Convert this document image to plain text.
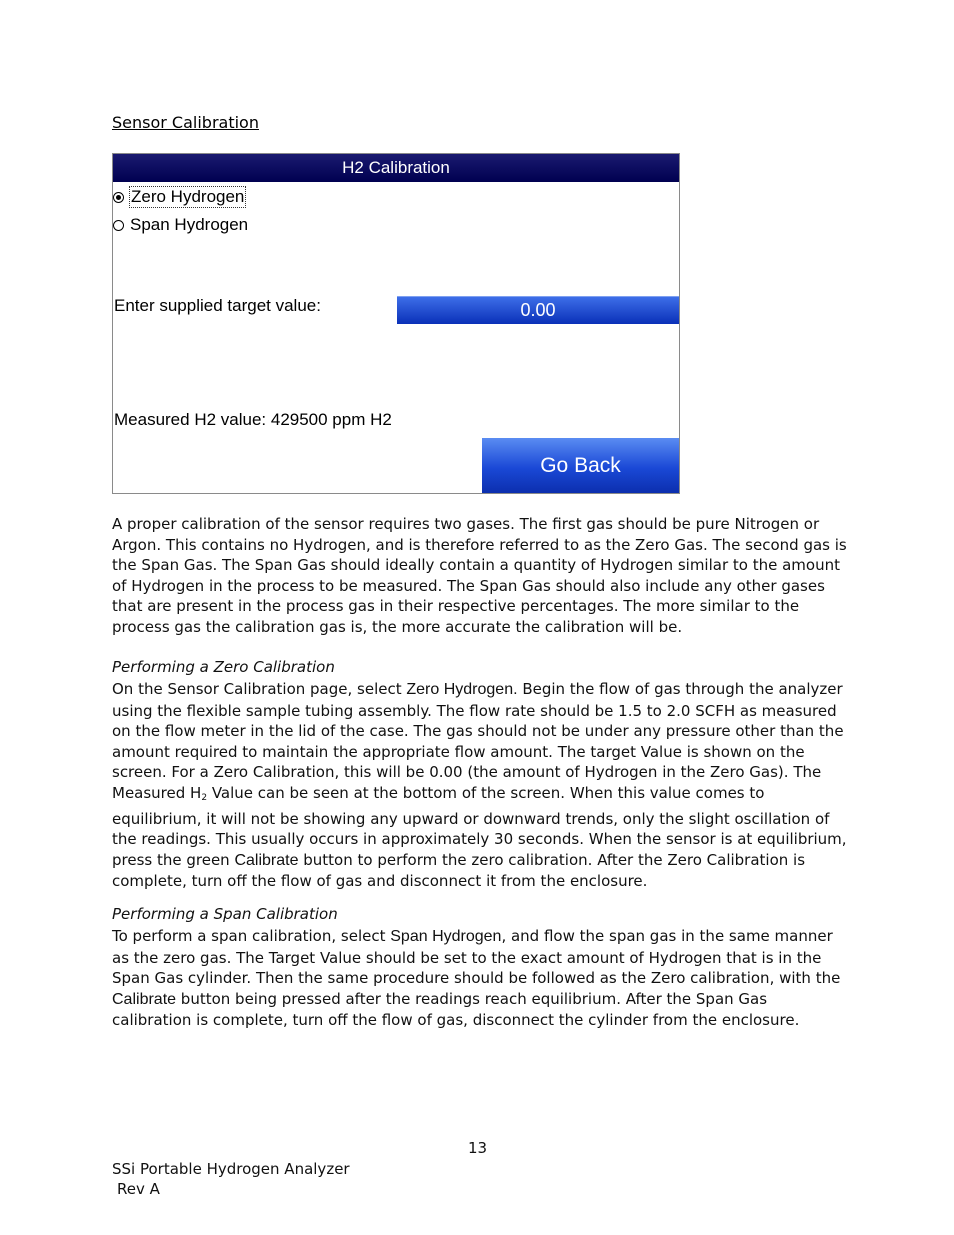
Sensor Calibration
H2 Calibration
Zero Hydrogen
Span Hydrogen
Enter supplied target value:	0.00
Measured H2 value: 429500 ppm H2
Go Back
A proper calibration of the sensor requires two gases. The first gas should be pure Nitrogen or Argon. This contains no Hydrogen, and is therefore referred to as the Zero Gas. The second gas is the Span Gas. The Span Gas should ideally contain a quantity of Hydrogen similar to the amount of Hydrogen in the process to be measured. The Span Gas should also include any other gases that are present in the process gas in their respective percentages. The more similar to the process gas the calibration gas is, the more accurate the calibration will be.
Performing a Zero Calibration
On the Sensor Calibration page, select Zero Hydrogen. Begin the flow of gas through the analyzer using the flexible sample tubing assembly. The flow rate should be 1.5 to 2.0 SCFH as measured on the flow meter in the lid of the case. The gas should not be under any pressure other than the amount required to maintain the appropriate flow amount. The target Value is shown on the screen. For a Zero Calibration, this will be 0.00 (the amount of Hydrogen in the Zero Gas). The Measured $H_2$ Value can be seen at the bottom of the screen. When this value comes to equilibrium, it will not be showing any upward or downward trends, only the slight oscillation of the readings. This usually occurs in approximately 30 seconds. When the sensor is at equilibrium, press the green Calibrate button to perform the zero calibration. After the Zero Calibration is complete, turn off the flow of gas and disconnect it from the enclosure.
Performing a Span Calibration
To perform a span calibration, select Span Hydrogen, and flow the span gas in the same manner as the zero gas. The Target Value should be set to the exact amount of Hydrogen that is in the Span Gas cylinder. Then the same procedure should be followed as the Zero calibration, with the Calibrate button being pressed after the readings reach equilibrium. After the Span Gas calibration is complete, turn off the flow of gas, disconnect the cylinder from the enclosure.
13
SSi Portable Hydrogen Analyzer
Rev A
